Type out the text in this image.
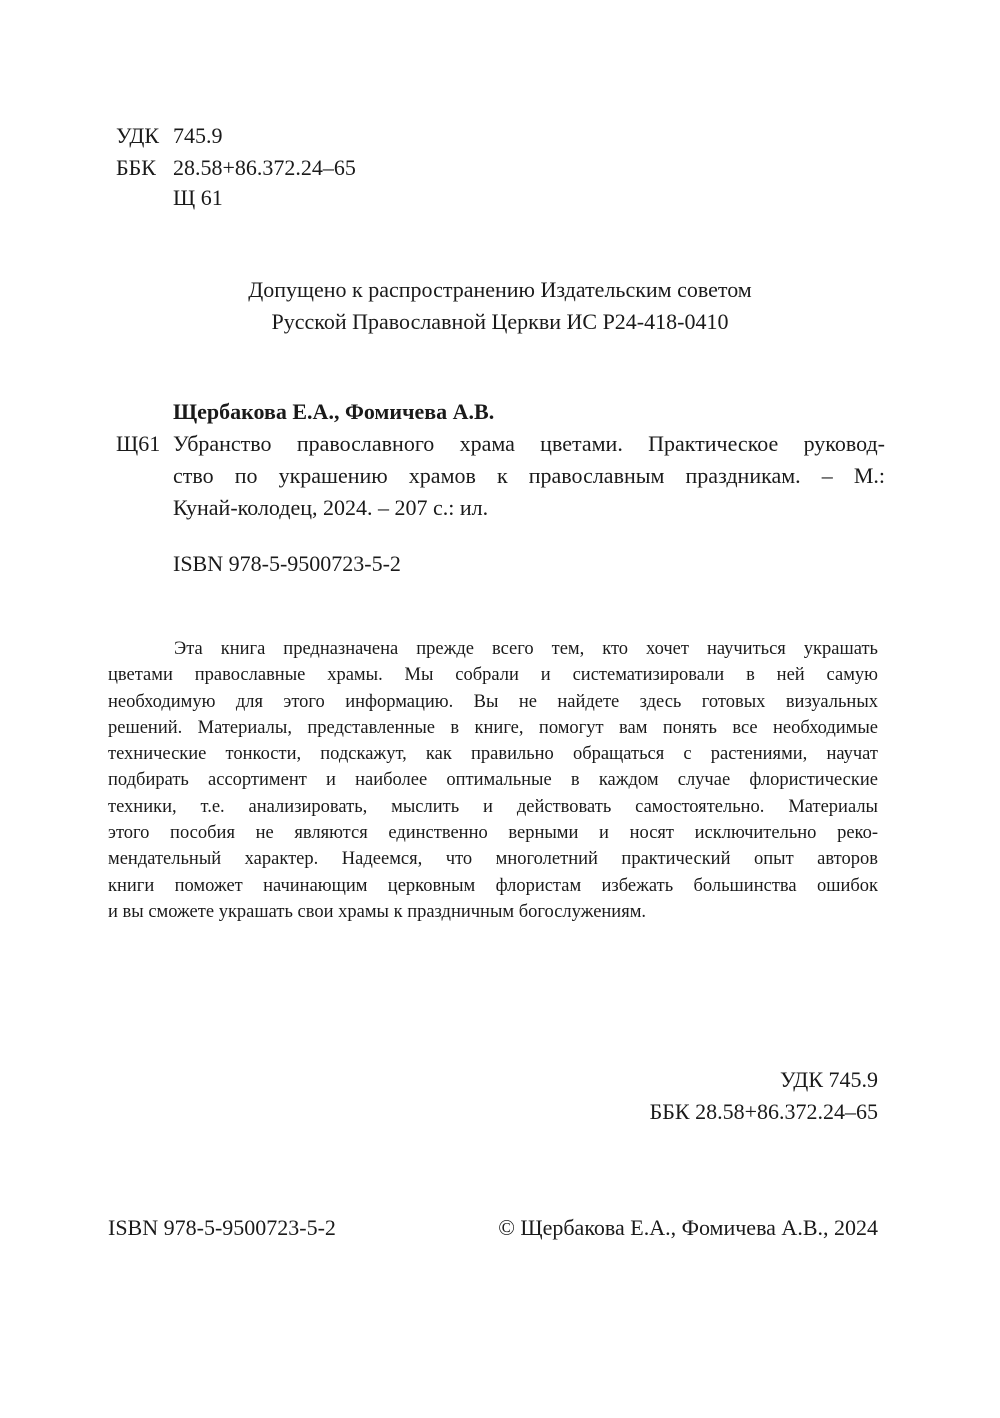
УДК 745.9
ББК 28.58+86.372.24–65
Щ 61
Допущено к распространению Издательским советом
Русской Православной Церкви ИС Р24-418-0410
Щербакова Е.А., Фомичева А.В.
Щ61 Убранство православного храма цветами. Практическое руковод-
ство по украшению храмов к православным праздникам. – М.:
Кунай-колодец, 2024. – 207 с.: ил.
ISBN 978-5-9500723-5-2
Эта книга предназначена прежде всего тем, кто хочет научиться украшать
цветами православные храмы. Мы собрали и систематизировали в ней самую
необходимую для этого информацию. Вы не найдете здесь готовых визуальных
решений. Материалы, представленные в книге, помогут вам понять все необходимые
технические тонкости, подскажут, как правильно обращаться с растениями, научат
подбирать ассортимент и наиболее оптимальные в каждом случае флористические
техники, т.е. анализировать, мыслить и действовать самостоятельно. Материалы
этого пособия не являются единственно верными и носят исключительно реко-
мендательный характер. Надеемся, что многолетний практический опыт авторов
книги поможет начинающим церковным флористам избежать большинства ошибок
и вы сможете украшать свои храмы к праздничным богослужениям.
УДК 745.9
ББК 28.58+86.372.24–65
ISBN 978-5-9500723-5-2	© Щербакова Е.А., Фомичева А.В., 2024
